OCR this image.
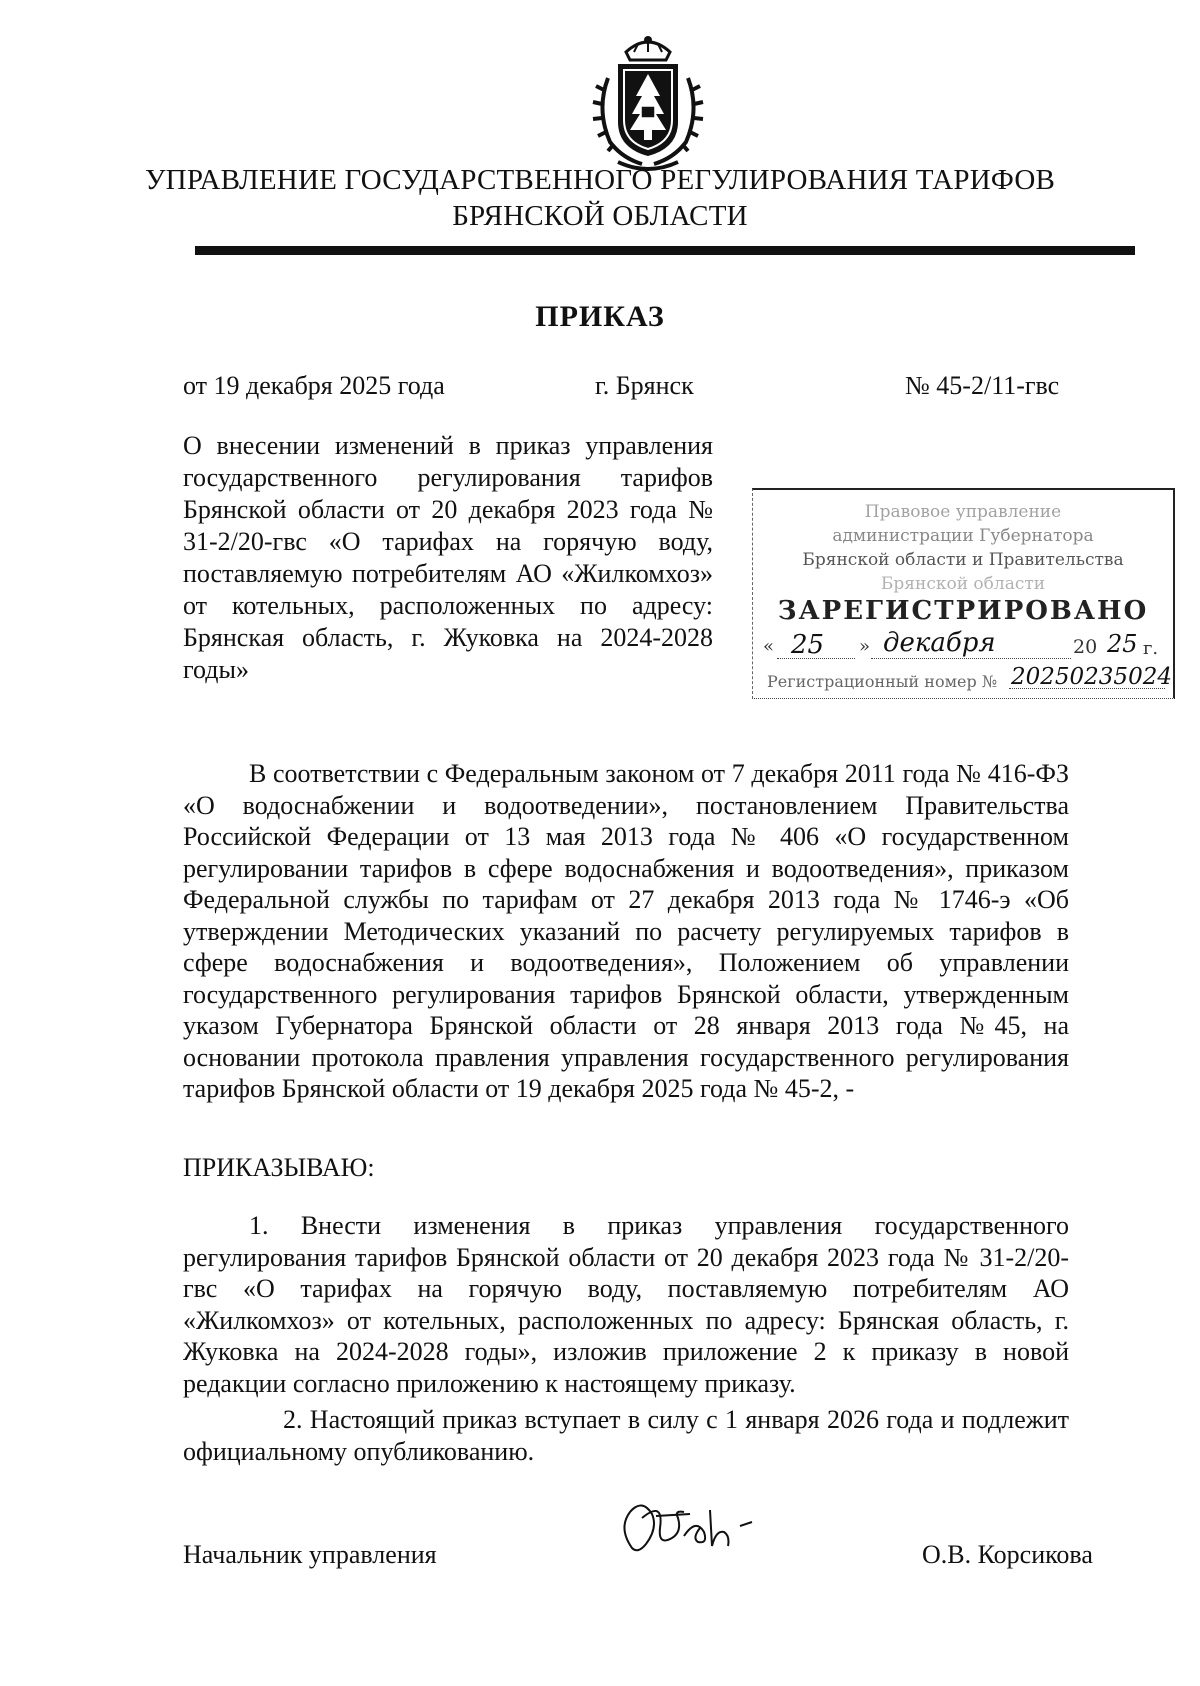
УПРАВЛЕНИЕ ГОСУДАРСТВЕННОГО РЕГУЛИРОВАНИЯ ТАРИФОВ
БРЯНСКОЙ ОБЛАСТИ
ПРИКАЗ
от 19 декабря 2025 года	г. Брянск	№ 45-2/11-гвс
О внесении изменений в приказ управления государственного регулирования тарифов Брянской области от 20 декабря 2023 года № 31-2/20-гвс «О тарифах на горячую воду, поставляемую потребителям АО «Жилкомхоз» от котельных, расположенных по адресу: Брянская область, г. Жуковка на 2024-2028 годы»
Правовое управление
администрации Губернатора
Брянской области и Правительства
Брянской области
ЗАРЕГИСТРИРОВАНО
« 25 » декабря	20 25 г.
Регистрационный номер № 20250235024
В соответствии с Федеральным законом от 7 декабря 2011 года № 416-ФЗ «О водоснабжении и водоотведении», постановлением Правительства Российской Федерации от 13 мая 2013 года № 406 «О государственном регулировании тарифов в сфере водоснабжения и водоотведения», приказом Федеральной службы по тарифам от 27 декабря 2013 года № 1746-э «Об утверждении Методических указаний по расчету регулируемых тарифов в сфере водоснабжения и водоотведения», Положением об управлении государственного регулирования тарифов Брянской области, утвержденным указом Губернатора Брянской области от 28 января 2013 года №45, на основании протокола правления управления государственного регулирования тарифов Брянской области от 19 декабря 2025 года № 45-2, -
ПРИКАЗЫВАЮ:
1. Внести изменения в приказ управления государственного регулирования тарифов Брянской области от 20 декабря 2023 года № 31-2/20-гвс «О тарифах на горячую воду, поставляемую потребителям АО «Жилкомхоз» от котельных, расположенных по адресу: Брянская область, г. Жуковка на 2024-2028 годы», изложив приложение 2 к приказу в новой редакции согласно приложению к настоящему приказу.
2. Настоящий приказ вступает в силу с 1 января 2026 года и подлежит официальному опубликованию.
Начальник управления	О.В. Корсикова
